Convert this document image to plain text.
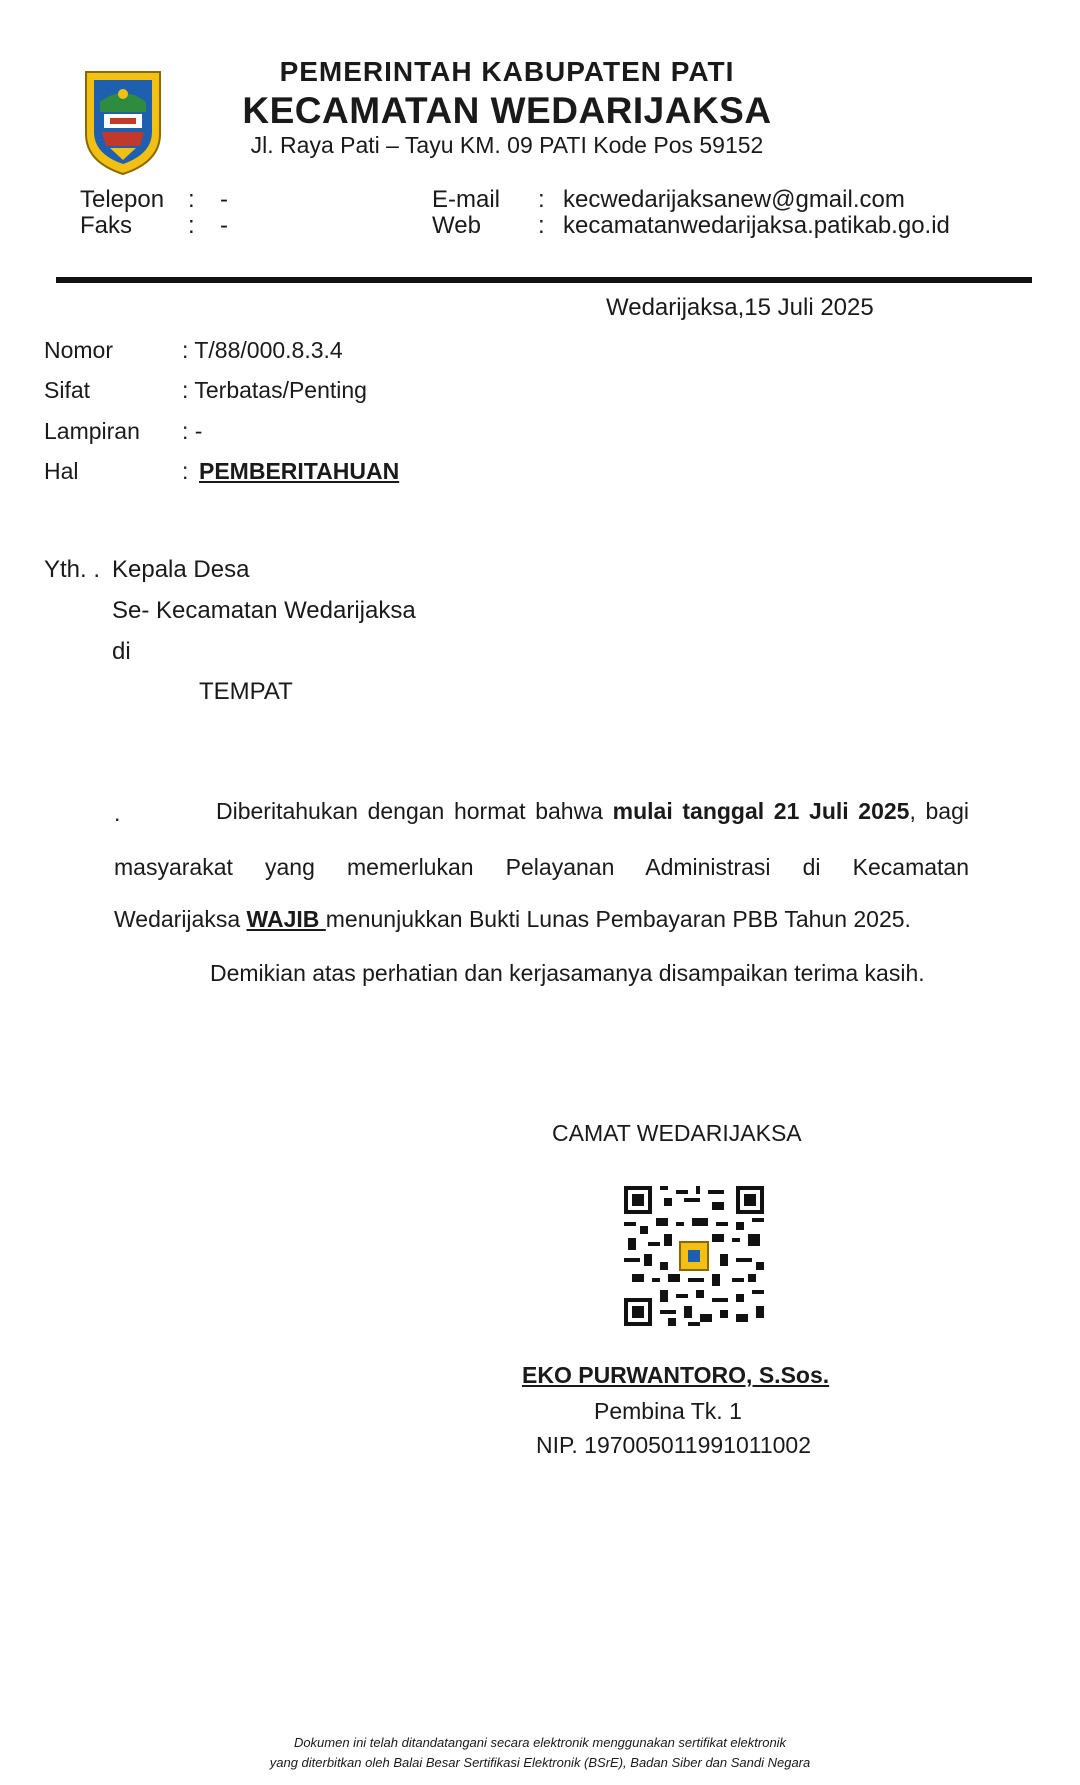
PEMERINTAH KABUPATEN PATI
KECAMATAN WEDARIJAKSA
Jl. Raya Pati – Tayu KM. 09 PATI Kode Pos 59152
Telepon : -
Faks : -
E-mail : kecwedarijaksanew@gmail.com
Web : kecamatanwedarijaksa.patikab.go.id
Wedarijaksa,15 Juli 2025
Nomor	: T/88/000.8.3.4
Sifat	: Terbatas/Penting
Lampiran : -
Hal	: PEMBERITAHUAN
Yth. . Kepala Desa
Se- Kecamatan Wedarijaksa
di
TEMPAT
.	Diberitahukan dengan hormat bahwa mulai tanggal 21 Juli 2025, bagi
masyarakat yang memerlukan Pelayanan Administrasi di Kecamatan
Wedarijaksa WAJIB menunjukkan Bukti Lunas Pembayaran PBB Tahun 2025.
Demikian atas perhatian dan kerjasamanya disampaikan terima kasih.
CAMAT WEDARIJAKSA
EKO PURWANTORO, S.Sos.
Pembina Tk. 1
NIP. 197005011991011002
Dokumen ini telah ditandatangani secara elektronik menggunakan sertifikat elektronik
yang diterbitkan oleh Balai Besar Sertifikasi Elektronik (BSrE), Badan Siber dan Sandi Negara
